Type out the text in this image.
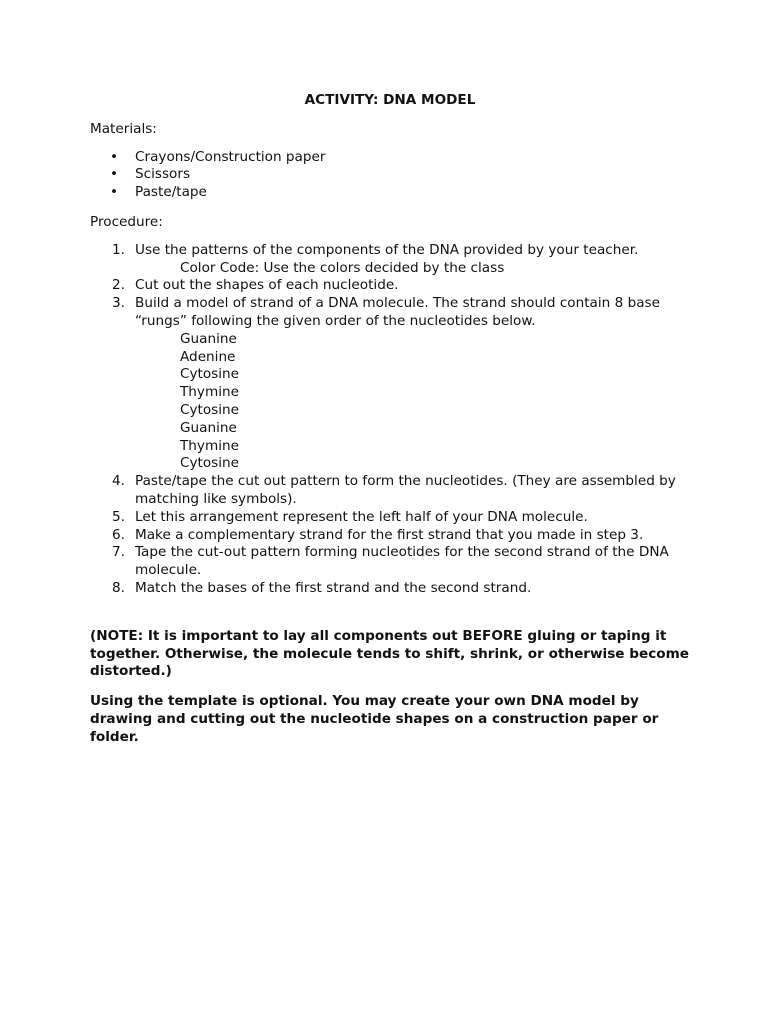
ACTIVITY: DNA MODEL

Materials:

• Crayons/Construction paper
• Scissors
• Paste/tape

Procedure:

1. Use the patterns of the components of the DNA provided by your teacher.
Color Code: Use the colors decided by the class
2. Cut out the shapes of each nucleotide.
3. Build a model of strand of a DNA molecule. The strand should contain 8 base “rungs” following the given order of the nucleotides below.
Guanine
Adenine
Cytosine
Thymine
Cytosine
Guanine
Thymine
Cytosine
4. Paste/tape the cut out pattern to form the nucleotides. (They are assembled by matching like symbols).
5. Let this arrangement represent the left half of your DNA molecule.
6. Make a complementary strand for the first strand that you made in step 3.
7. Tape the cut-out pattern forming nucleotides for the second strand of the DNA molecule.
8. Match the bases of the first strand and the second strand.

(NOTE: It is important to lay all components out BEFORE gluing or taping it together. Otherwise, the molecule tends to shift, shrink, or otherwise become distorted.)

Using the template is optional. You may create your own DNA model by drawing and cutting out the nucleotide shapes on a construction paper or folder.
